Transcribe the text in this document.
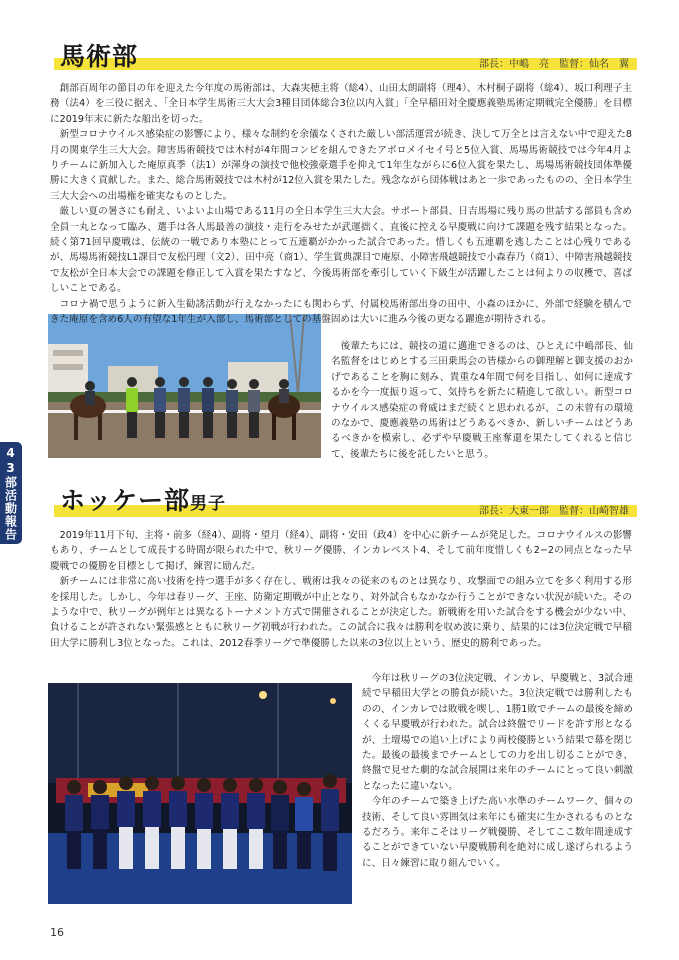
43部活動報告
馬術部	部長：中嶋　亮　監督：仙名　翼

創部百周年の節目の年を迎えた今年度の馬術部は、大森実穂主将（総4）、山田太朗副将（理4）、木村桐子副将（総4）、坂口利理子主務（法4）を三役に据え、「全日本学生馬術三大大会3種目団体総合3位以内入賞」「全早稲田対全慶應義塾馬術定期戦完全優勝」を目標に2019年末に新たな船出を切った。

新型コロナウイルス感染症の影響により、様々な制約を余儀なくされた厳しい部活運営が続き、決して万全とは言えない中で迎えた8月の関東学生三大大会。障害馬術競技では木村が4年間コンビを組んできたアポロメイセイ号と5位入賞、馬場馬術競技では今年4月よりチームに新加入した庵原真季（法1）が渾身の演技で他校強豪選手を抑えて1年生ながらに6位入賞を果たし、馬場馬術競技団体準優勝に大きく貢献した。また、総合馬術競技では木村が12位入賞を果たした。残念ながら団体戦はあと一歩であったものの、全日本学生三大大会への出場権を確実なものとした。

厳しい夏の暑さにも耐え、いよいよ山場である11月の全日本学生三大大会。サポート部員、日吉馬場に残り馬の世話する部員も含め全員一丸となって臨み、選手は各人馬最善の演技・走行をみせたが武運拙く、直後に控える早慶戦に向けて課題を残す結果となった。続く第71回早慶戦は、伝統の一戦であり本塾にとって五連覇がかかった試合であった。惜しくも五連覇を逃したことは心残りであるが、馬場馬術競技L1課目で友松円理（文2）、田中亮（商1）、学生賞典課目で庵原、小障害飛越競技で小森春乃（商1）、中障害飛越競技で友松が全日本大会での課題を修正して入賞を果たすなど、今後馬術部を牽引していく下級生が活躍したことは何よりの収穫で、喜ばしいことである。

コロナ禍で思うように新入生勧誘活動が行えなかったにも関わらず、付属校馬術部出身の田中、小森のほかに、外部で経験を積んできた庵原を含め6人の有望な1年生が入部し、馬術部としての基盤固めは大いに進み今後の更なる躍進が期待される。

後輩たちには、競技の道に邁進できるのは、ひとえに中嶋部長、仙名監督をはじめとする三田乗馬会の皆様からの御理解と御支援のおかげであることを胸に刻み、貴重な4年間で何を目指し、如何に達成するかを今一度振り返って、気持ちを新たに精進して欲しい。新型コロナウイルス感染症の脅威はまだ続くと思われるが、この未曾有の環境のなかで、慶應義塾の馬術はどうあるべきか、新しいチームはどうあるべきかを模索し、必ずや早慶戦王座奪還を果たしてくれると信じて、後輩たちに後を託したいと思う。

ホッケー部男子	部長：大東一郎　監督：山崎智雄

2019年11月下旬、主将・前多（経4）、副将・望月（経4）、副将・安田（政4）を中心に新チームが発足した。コロナウイルスの影響もあり、チームとして成長する時間が限られた中で、秋リーグ優勝、インカレベスト4、そして前年度惜しくも2−2の同点となった早慶戦での優勝を目標として掲げ、練習に励んだ。

新チームには非常に高い技術を持つ選手が多く存在し、戦術は我々の従来のものとは異なり、攻撃面での組み立てを多く利用する形を採用した。しかし、今年は春リーグ、王座、防衛定期戦が中止となり、対外試合もなかなか行うことができない状況が続いた。そのような中で、秋リーグが例年とは異なるトーナメント方式で開催されることが決定した。新戦術を用いた試合をする機会が少ない中、負けることが許されない緊張感とともに秋リーグ初戦が行われた。この試合に我々は勝利を収め波に乗り、結果的には3位決定戦で早稲田大学に勝利し3位となった。これは、2012春季リーグで準優勝した以来の3位以上という、歴史的勝利であった。

今年は秋リーグの3位決定戦、インカレ、早慶戦と、3試合連続で早稲田大学との勝負が続いた。3位決定戦では勝利したものの、インカレでは敗戦を喫し、1勝1敗でチームの最後を締めくくる早慶戦が行われた。試合は終盤でリードを許す形となるが、土壇場での追い上げにより両校優勝という結果で幕を閉じた。最後の最後までチームとしての力を出し切ることができ、終盤で見せた劇的な試合展開は来年のチームにとって良い刺激となったに違いない。

今年のチームで築き上げた高い水準のチームワーク、個々の技術、そして良い雰囲気は来年にも確実に生かされるものとなるだろう。来年こそはリーグ戦優勝、そしてここ数年間達成することができていない早慶戦勝利を絶対に成し遂げられるように、日々練習に取り組んでいく。

16
